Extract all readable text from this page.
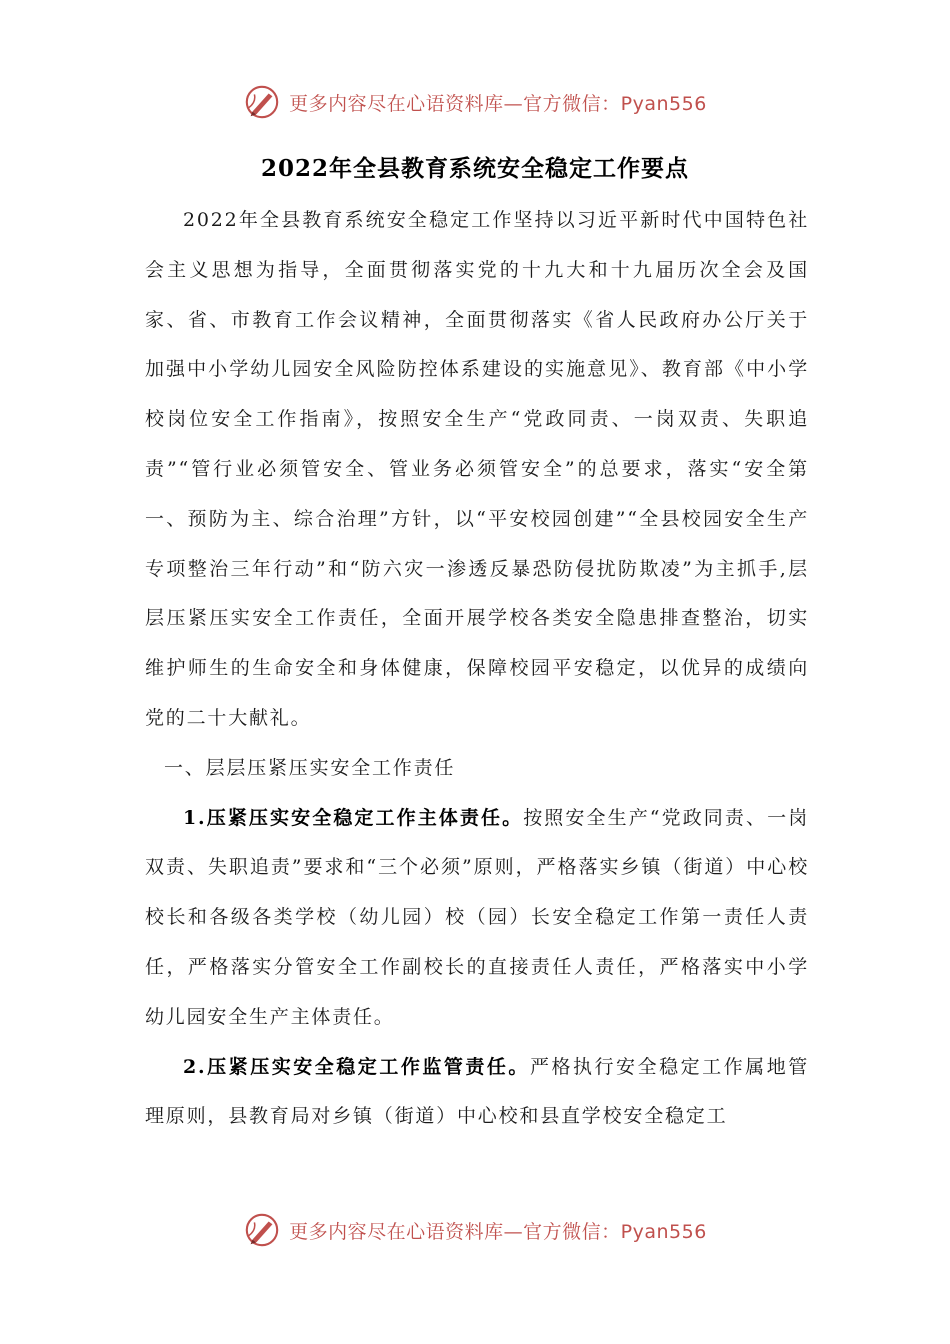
更多内容尽在心语资料库—官方微信：Pyan556
2022年全县教育系统安全稳定工作要点

2022年全县教育系统安全稳定工作坚持以习近平新时代中国特色社会主义思想为指导，全面贯彻落实党的十九大和十九届历次全会及国家、省、市教育工作会议精神，全面贯彻落实《省人民政府办公厅关于加强中小学幼儿园安全风险防控体系建设的实施意见》、教育部《中小学校岗位安全工作指南》，按照安全生产“党政同责、一岗双责、失职追责”“管行业必须管安全、管业务必须管安全”的总要求，落实“安全第一、预防为主、综合治理”方针，以“平安校园创建”“全县校园安全生产专项整治三年行动”和“防六灾一渗透反暴恐防侵扰防欺凌”为主抓手,层层压紧压实安全工作责任，全面开展学校各类安全隐患排查整治，切实维护师生的生命安全和身体健康，保障校园平安稳定，以优异的成绩向党的二十大献礼。

一、层层压紧压实安全工作责任

1.压紧压实安全稳定工作主体责任。按照安全生产“党政同责、一岗双责、失职追责”要求和“三个必须”原则，严格落实乡镇（街道）中心校校长和各级各类学校（幼儿园）校（园）长安全稳定工作第一责任人责任，严格落实分管安全工作副校长的直接责任人责任，严格落实中小学幼儿园安全生产主体责任。

2.压紧压实安全稳定工作监管责任。严格执行安全稳定工作属地管理原则，县教育局对乡镇（街道）中心校和县直学校安全稳定工

更多内容尽在心语资料库—官方微信：Pyan556
